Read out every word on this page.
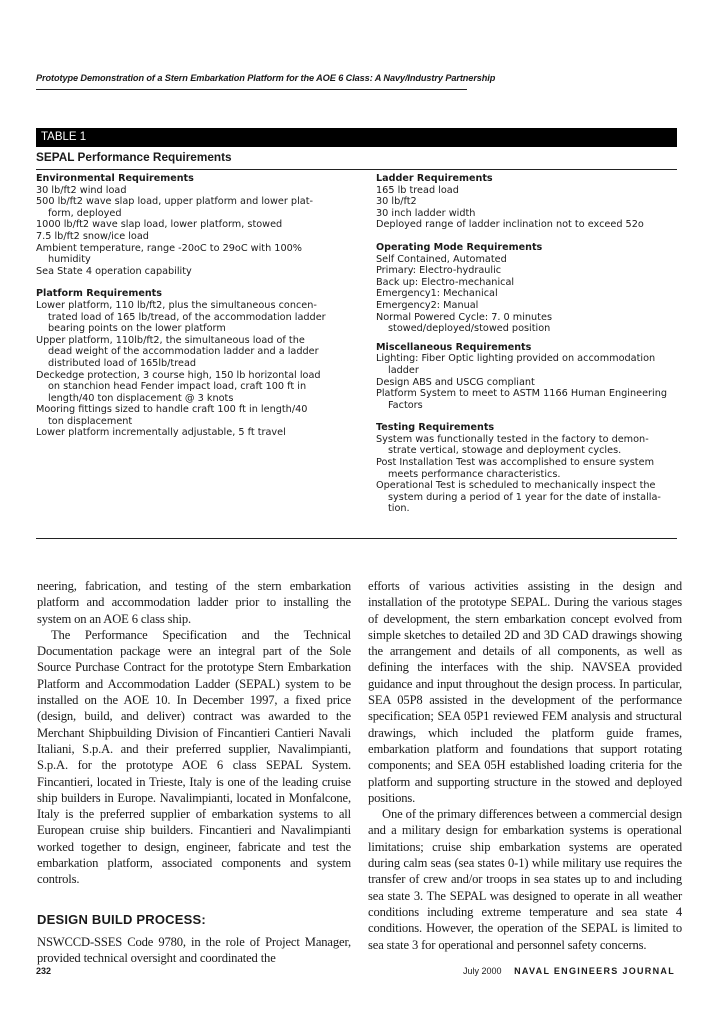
Prototype Demonstration of a Stern Embarkation Platform for the AOE 6 Class: A Navy/Industry Partnership
TABLE 1
SEPAL Performance Requirements
Environmental Requirements
30 lb/ft2 wind load
500 lb/ft2 wave slap load, upper platform and lower plat-
form, deployed
1000 lb/ft2 wave slap load, lower platform, stowed
7.5 lb/ft2 snow/ice load
Ambient temperature, range -20oC to 29oC with 100%
humidity
Sea State 4 operation capability
Platform Requirements
Lower platform, 110 lb/ft2, plus the simultaneous concen-
trated load of 165 lb/tread, of the accommodation ladder
bearing points on the lower platform
Upper platform, 110lb/ft2, the simultaneous load of the
dead weight of the accommodation ladder and a ladder
distributed load of 165lb/tread
Deckedge protection, 3 course high, 150 lb horizontal load
on stanchion head Fender impact load, craft 100 ft in
length/40 ton displacement @ 3 knots
Mooring fittings sized to handle craft 100 ft in length/40
ton displacement
Lower platform incrementally adjustable, 5 ft travel
Ladder Requirements
165 lb tread load
30 lb/ft2
30 inch ladder width
Deployed range of ladder inclination not to exceed 52o
Operating Mode Requirements
Self Contained, Automated
Primary: Electro-hydraulic
Back up: Electro-mechanical
Emergency1: Mechanical
Emergency2: Manual
Normal Powered Cycle: 7. 0 minutes
stowed/deployed/stowed position
Miscellaneous Requirements
Lighting: Fiber Optic lighting provided on accommodation
ladder
Design ABS and USCG compliant
Platform System to meet to ASTM 1166 Human Engineering
Factors
Testing Requirements
System was functionally tested in the factory to demon-
strate vertical, stowage and deployment cycles.
Post Installation Test was accomplished to ensure system
meets performance characteristics.
Operational Test is scheduled to mechanically inspect the
system during a period of 1 year for the date of installa-
tion.

neering, fabrication, and testing of the stern embarkation platform and accommodation ladder prior to installing the system on an AOE 6 class ship.

The Performance Specification and the Technical Documentation package were an integral part of the Sole Source Purchase Contract for the prototype Stern Embarkation Platform and Accommodation Ladder (SEPAL) system to be installed on the AOE 10. In December 1997, a fixed price (design, build, and deliver) contract was awarded to the Merchant Shipbuilding Division of Fincantieri Cantieri Navali Italiani, S.p.A. and their preferred supplier, Navalimpianti, S.p.A. for the prototype AOE 6 class SEPAL System. Fincantieri, located in Trieste, Italy is one of the leading cruise ship builders in Europe. Navalimpianti, located in Monfalcone, Italy is the preferred supplier of embarkation systems to all European cruise ship builders. Fincantieri and Navalimpianti worked together to design, engineer, fabricate and test the embarkation platform, associated components and system controls.

DESIGN BUILD PROCESS:

NSWCCD-SSES Code 9780, in the role of Project Manager, provided technical oversight and coordinated the

efforts of various activities assisting in the design and installation of the prototype SEPAL. During the various stages of development, the stern embarkation concept evolved from simple sketches to detailed 2D and 3D CAD drawings showing the arrangement and details of all components, as well as defining the interfaces with the ship. NAVSEA provided guidance and input throughout the design process. In particular, SEA 05P8 assisted in the development of the performance specification; SEA 05P1 reviewed FEM analysis and structural drawings, which included the platform guide frames, embarkation platform and foundations that support rotating components; and SEA 05H established loading criteria for the platform and supporting structure in the stowed and deployed positions.

One of the primary differences between a commercial design and a military design for embarkation systems is operational limitations; cruise ship embarkation systems are operated during calm seas (sea states 0-1) while military use requires the transfer of crew and/or troops in sea states up to and including sea state 3. The SEPAL was designed to operate in all weather conditions including extreme temperature and sea state 4 conditions. However, the operation of the SEPAL is limited to sea state 3 for operational and personnel safety concerns.

232	July 2000 NAVAL ENGINEERS JOURNAL
